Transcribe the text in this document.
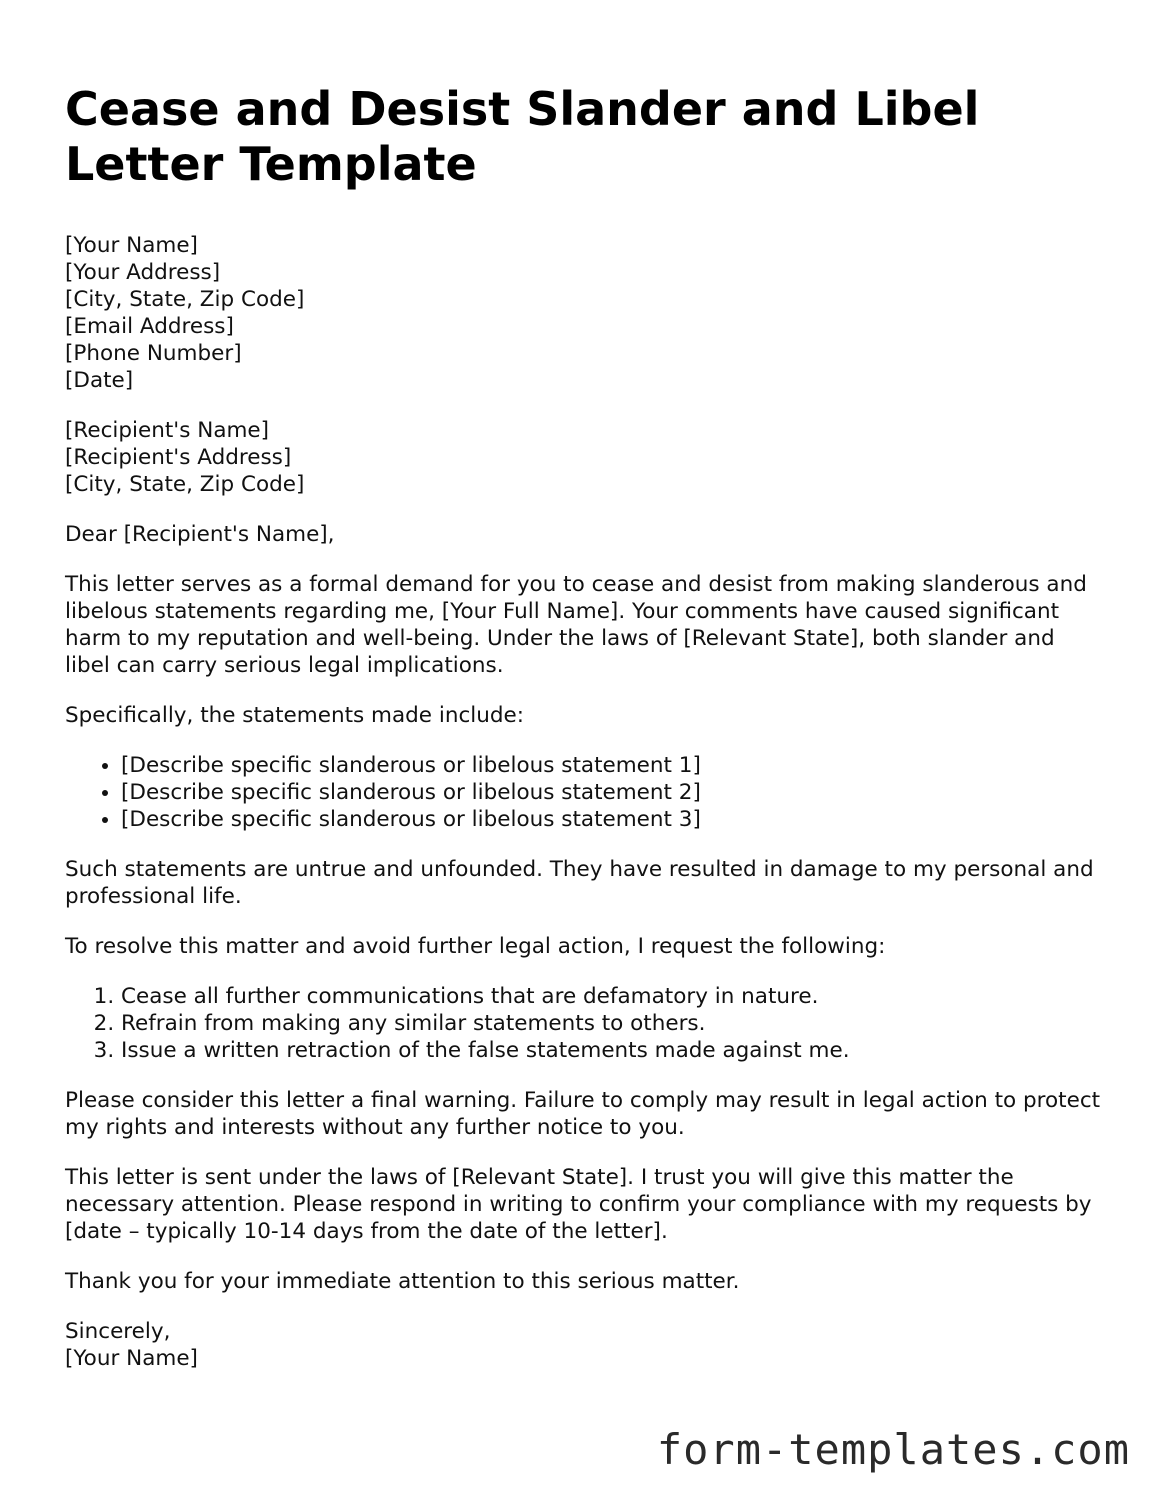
Cease and Desist Slander and Libel Letter Template

[Your Name]

[Your Address]

[City, State, Zip Code]

[Email Address]

[Phone Number]

[Date]

[Recipient's Name]

[Recipient's Address]

[City, State, Zip Code]

Dear [Recipient's Name],

This letter serves as a formal demand for you to cease and desist from making slanderous and libelous statements regarding me, [Your Full Name]. Your comments have caused significant harm to my reputation and well-being. Under the laws of [Relevant State], both slander and libel can carry serious legal implications.

Specifically, the statements made include:

• [Describe specific slanderous or libelous statement 1]
• [Describe specific slanderous or libelous statement 2]
• [Describe specific slanderous or libelous statement 3]

Such statements are untrue and unfounded. They have resulted in damage to my personal and professional life.

To resolve this matter and avoid further legal action, I request the following:

1. Cease all further communications that are defamatory in nature.
2. Refrain from making any similar statements to others.
3. Issue a written retraction of the false statements made against me.

Please consider this letter a final warning. Failure to comply may result in legal action to protect my rights and interests without any further notice to you.

This letter is sent under the laws of [Relevant State]. I trust you will give this matter the necessary attention. Please respond in writing to confirm your compliance with my requests by [date – typically 10-14 days from the date of the letter].

Thank you for your immediate attention to this serious matter.

Sincerely,

[Your Name]

form-templates.com
